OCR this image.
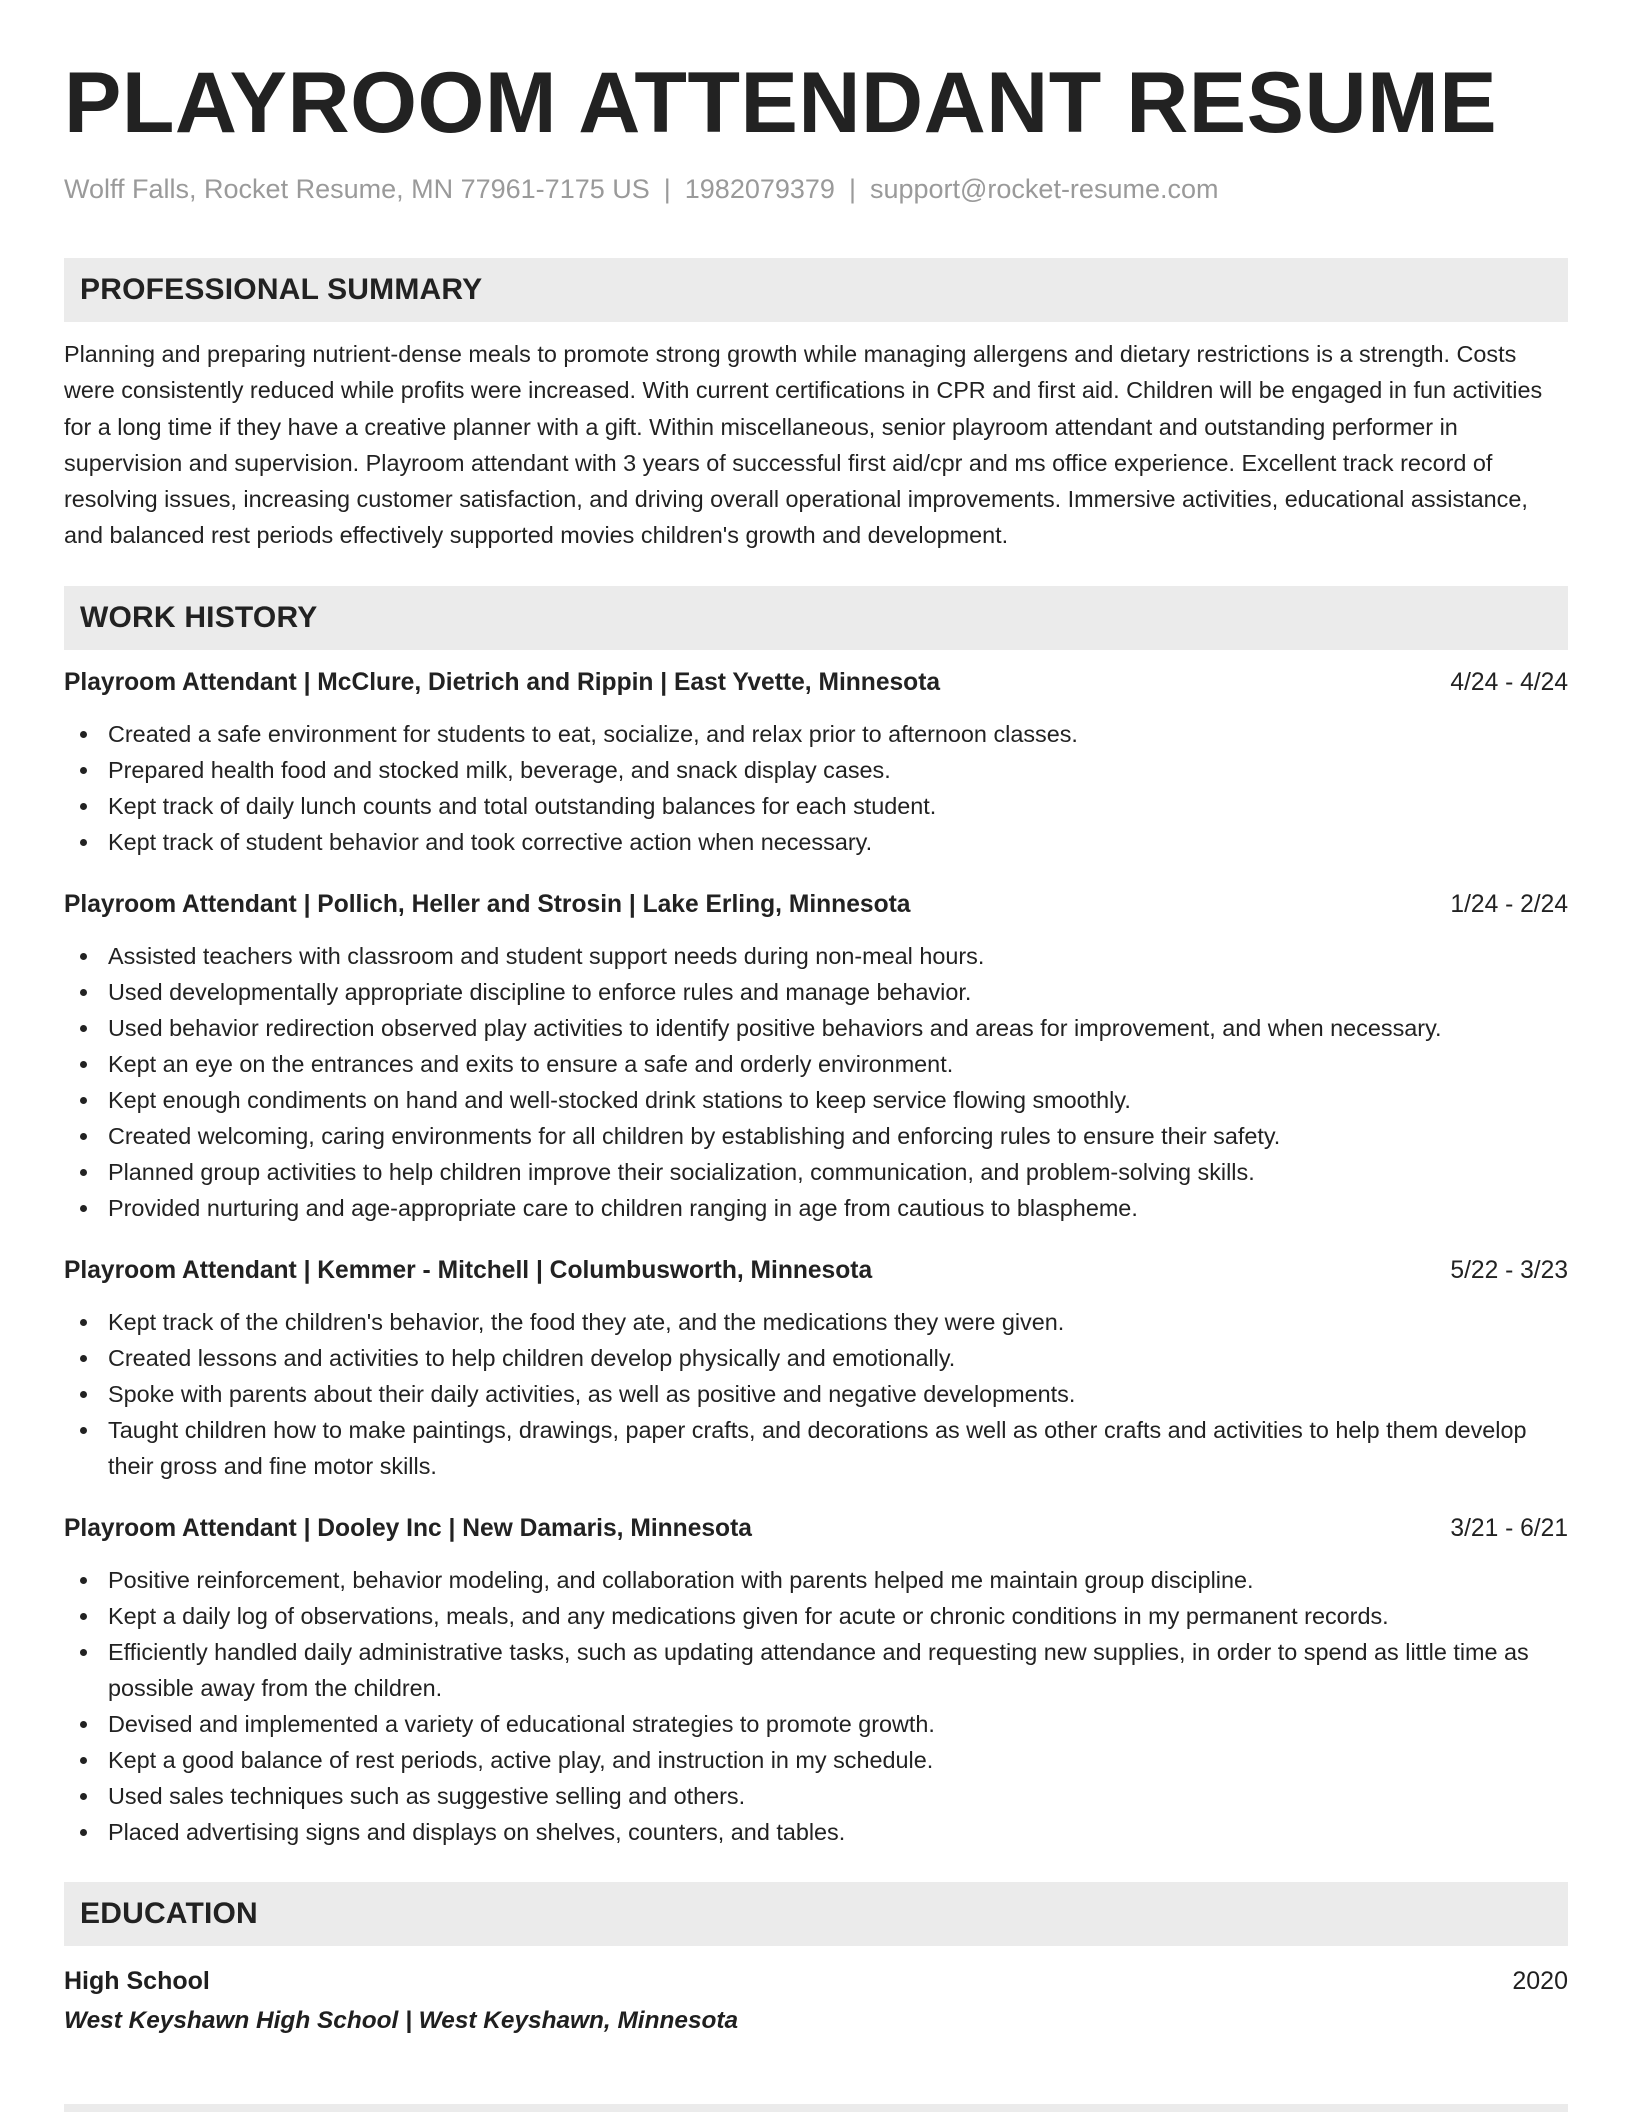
PLAYROOM ATTENDANT RESUME
Wolff Falls, Rocket Resume, MN 77961-7175 US | 1982079379 | support@rocket-resume.com
PROFESSIONAL SUMMARY

Planning and preparing nutrient-dense meals to promote strong growth while managing allergens and dietary restrictions is a strength. Costs were consistently reduced while profits were increased. With current certifications in CPR and first aid. Children will be engaged in fun activities for a long time if they have a creative planner with a gift. Within miscellaneous, senior playroom attendant and outstanding performer in supervision and supervision. Playroom attendant with 3 years of successful first aid/cpr and ms office experience. Excellent track record of resolving issues, increasing customer satisfaction, and driving overall operational improvements. Immersive activities, educational assistance, and balanced rest periods effectively supported movies children's growth and development.

WORK HISTORY
Playroom Attendant | McClure, Dietrich and Rippin | East Yvette, Minnesota	4/24 - 4/24
Created a safe environment for students to eat, socialize, and relax prior to afternoon classes.
Prepared health food and stocked milk, beverage, and snack display cases.
Kept track of daily lunch counts and total outstanding balances for each student.
Kept track of student behavior and took corrective action when necessary.
Playroom Attendant | Pollich, Heller and Strosin | Lake Erling, Minnesota	1/24 - 2/24
Assisted teachers with classroom and student support needs during non-meal hours.
Used developmentally appropriate discipline to enforce rules and manage behavior.
Used behavior redirection observed play activities to identify positive behaviors and areas for improvement, and when necessary.
Kept an eye on the entrances and exits to ensure a safe and orderly environment.
Kept enough condiments on hand and well-stocked drink stations to keep service flowing smoothly.
Created welcoming, caring environments for all children by establishing and enforcing rules to ensure their safety.
Planned group activities to help children improve their socialization, communication, and problem-solving skills.
Provided nurturing and age-appropriate care to children ranging in age from cautious to blaspheme.
Playroom Attendant | Kemmer - Mitchell | Columbusworth, Minnesota	5/22 - 3/23
Kept track of the children's behavior, the food they ate, and the medications they were given.
Created lessons and activities to help children develop physically and emotionally.
Spoke with parents about their daily activities, as well as positive and negative developments.
Taught children how to make paintings, drawings, paper crafts, and decorations as well as other crafts and activities to help them develop their gross and fine motor skills.
Playroom Attendant | Dooley Inc | New Damaris, Minnesota	3/21 - 6/21
Positive reinforcement, behavior modeling, and collaboration with parents helped me maintain group discipline.
Kept a daily log of observations, meals, and any medications given for acute or chronic conditions in my permanent records.
Efficiently handled daily administrative tasks, such as updating attendance and requesting new supplies, in order to spend as little time as possible away from the children.
Devised and implemented a variety of educational strategies to promote growth.
Kept a good balance of rest periods, active play, and instruction in my schedule.
Used sales techniques such as suggestive selling and others.
Placed advertising signs and displays on shelves, counters, and tables.
EDUCATION
High School	2020
West Keyshawn High School | West Keyshawn, Minnesota
